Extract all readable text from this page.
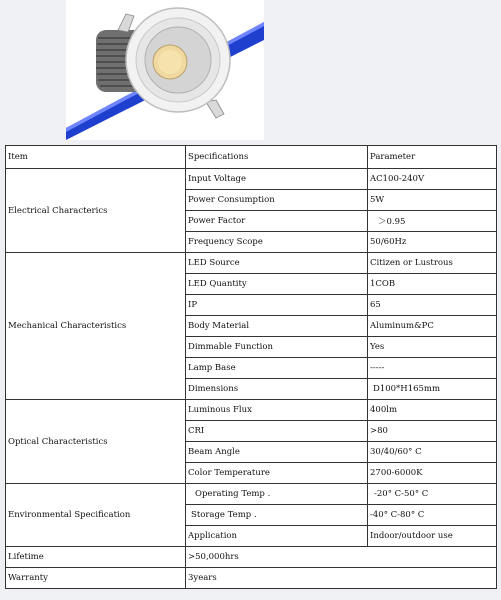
Item	Specifications	Parameter
Electrical Characterics	Input Voltage	AC100-240V
	Power Consumption	5W
	Power Factor	＞0.95
	Frequency Scope	50/60Hz
Mechanical Characteristics	LED Source	Citizen or Lustrous
	LED Quantity	1COB
	IP	65
	Body Material	Aluminum&PC
	Dimmable Function	Yes
	Lamp Base	-----
	Dimensions	D100*H165mm
Optical Characteristics	Luminous Flux	400lm
	CRI	>80
	Beam Angle	30/40/60° C
	Color Temperature	2700-6000K
Environmental Specification	Operating Temp .	-20° C-50° C
	Storage Temp .	-40° C-80° C
	Application	Indoor/outdoor use
Lifetime	>50,000hrs	
Warranty	3years	
